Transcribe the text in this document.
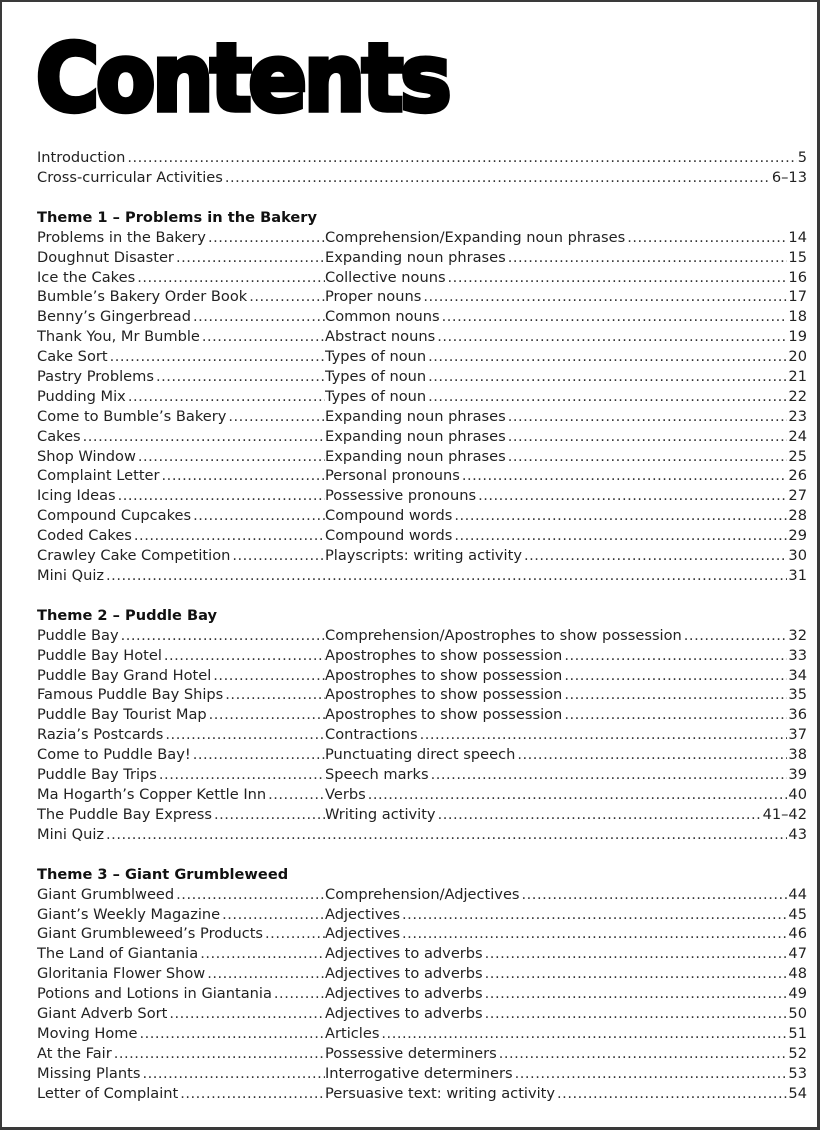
Contents
Introduction .....	5
Cross-curricular Activities .....	6–13
Theme 1 – Problems in the Bakery
Problems in the Bakery .....	Comprehension/Expanding noun phrases .....	14
Doughnut Disaster .....	Expanding noun phrases .....	15
Ice the Cakes .....	Collective nouns .....	16
Bumble’s Bakery Order Book .....	Proper nouns .....	17
Benny’s Gingerbread .....	Common nouns .....	18
Thank You, Mr Bumble .....	Abstract nouns .....	19
Cake Sort .....	Types of noun .....	20
Pastry Problems .....	Types of noun .....	21
Pudding Mix .....	Types of noun .....	22
Come to Bumble’s Bakery .....	Expanding noun phrases .....	23
Cakes .....	Expanding noun phrases .....	24
Shop Window .....	Expanding noun phrases .....	25
Complaint Letter .....	Personal pronouns .....	26
Icing Ideas .....	Possessive pronouns .....	27
Compound Cupcakes .....	Compound words .....	28
Coded Cakes .....	Compound words .....	29
Crawley Cake Competition .....	Playscripts: writing activity .....	30
Mini Quiz .....	31
Theme 2 – Puddle Bay
Puddle Bay .....	Comprehension/Apostrophes to show possession .....	32
Puddle Bay Hotel .....	Apostrophes to show possession .....	33
Puddle Bay Grand Hotel .....	Apostrophes to show possession .....	34
Famous Puddle Bay Ships .....	Apostrophes to show possession .....	35
Puddle Bay Tourist Map .....	Apostrophes to show possession .....	36
Razia’s Postcards .....	Contractions .....	37
Come to Puddle Bay! .....	Punctuating direct speech .....	38
Puddle Bay Trips .....	Speech marks .....	39
Ma Hogarth’s Copper Kettle Inn .....	Verbs .....	40
The Puddle Bay Express .....	Writing activity .....	41–42
Mini Quiz .....	43
Theme 3 – Giant Grumbleweed
Giant Grumblweed .....	Comprehension/Adjectives .....	44
Giant’s Weekly Magazine .....	Adjectives .....	45
Giant Grumbleweed’s Products .....	Adjectives .....	46
The Land of Giantania .....	Adjectives to adverbs .....	47
Gloritania Flower Show .....	Adjectives to adverbs .....	48
Potions and Lotions in Giantania .....	Adjectives to adverbs .....	49
Giant Adverb Sort .....	Adjectives to adverbs .....	50
Moving Home .....	Articles .....	51
At the Fair .....	Possessive determiners .....	52
Missing Plants .....	Interrogative determiners .....	53
Letter of Complaint .....	Persuasive text: writing activity .....	54
